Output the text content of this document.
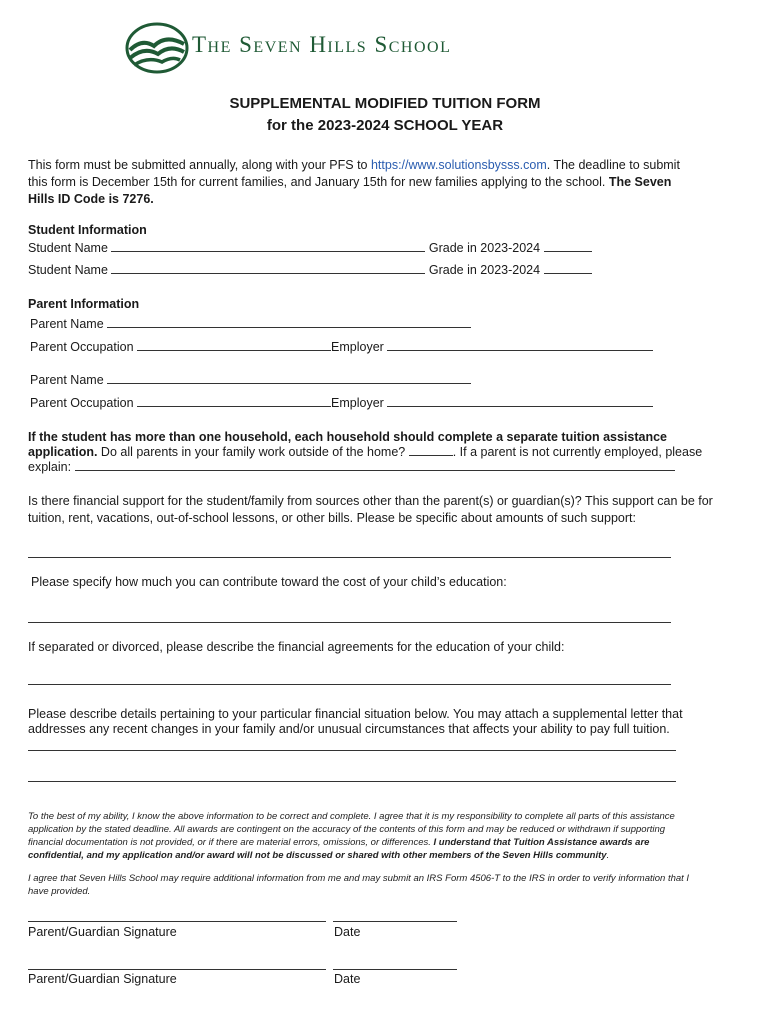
The Seven Hills School
SUPPLEMENTAL MODIFIED TUITION FORM
for the 2023-2024 SCHOOL YEAR
This form must be submitted annually, along with your PFS to https://www.solutionsbysss.com. The deadline to submit
this form is December 15th for current families, and January 15th for new families applying to the school. The Seven
Hills ID Code is 7276.
Student Information
Student Name	Grade in 2023-2024
Student Name	Grade in 2023-2024
Parent Information
Parent Name
Parent Occupation	Employer
Parent Name
Parent Occupation	Employer
If the student has more than one household, each household should complete a separate tuition assistance
application. Do all parents in your family work outside of the home?	. If a parent is not currently employed, please
explain:
Is there financial support for the student/family from sources other than the parent(s) or guardian(s)? This support can be for
tuition, rent, vacations, out-of-school lessons, or other bills. Please be specific about amounts of such support:
Please specify how much you can contribute toward the cost of your child’s education:
If separated or divorced, please describe the financial agreements for the education of your child:
Please describe details pertaining to your particular financial situation below. You may attach a supplemental letter that
addresses any recent changes in your family and/or unusual circumstances that affects your ability to pay full tuition.
To the best of my ability, I know the above information to be correct and complete. I agree that it is my responsibility to complete all parts of this assistance
application by the stated deadline. All awards are contingent on the accuracy of the contents of this form and may be reduced or withdrawn if supporting
financial documentation is not provided, or if there are material errors, omissions, or differences. I understand that Tuition Assistance awards are
confidential, and my application and/or award will not be discussed or shared with other members of the Seven Hills community.
I agree that Seven Hills School may require additional information from me and may submit an IRS Form 4506-T to the IRS in order to verify information that I
have provided.
Parent/Guardian Signature	Date
Parent/Guardian Signature	Date
